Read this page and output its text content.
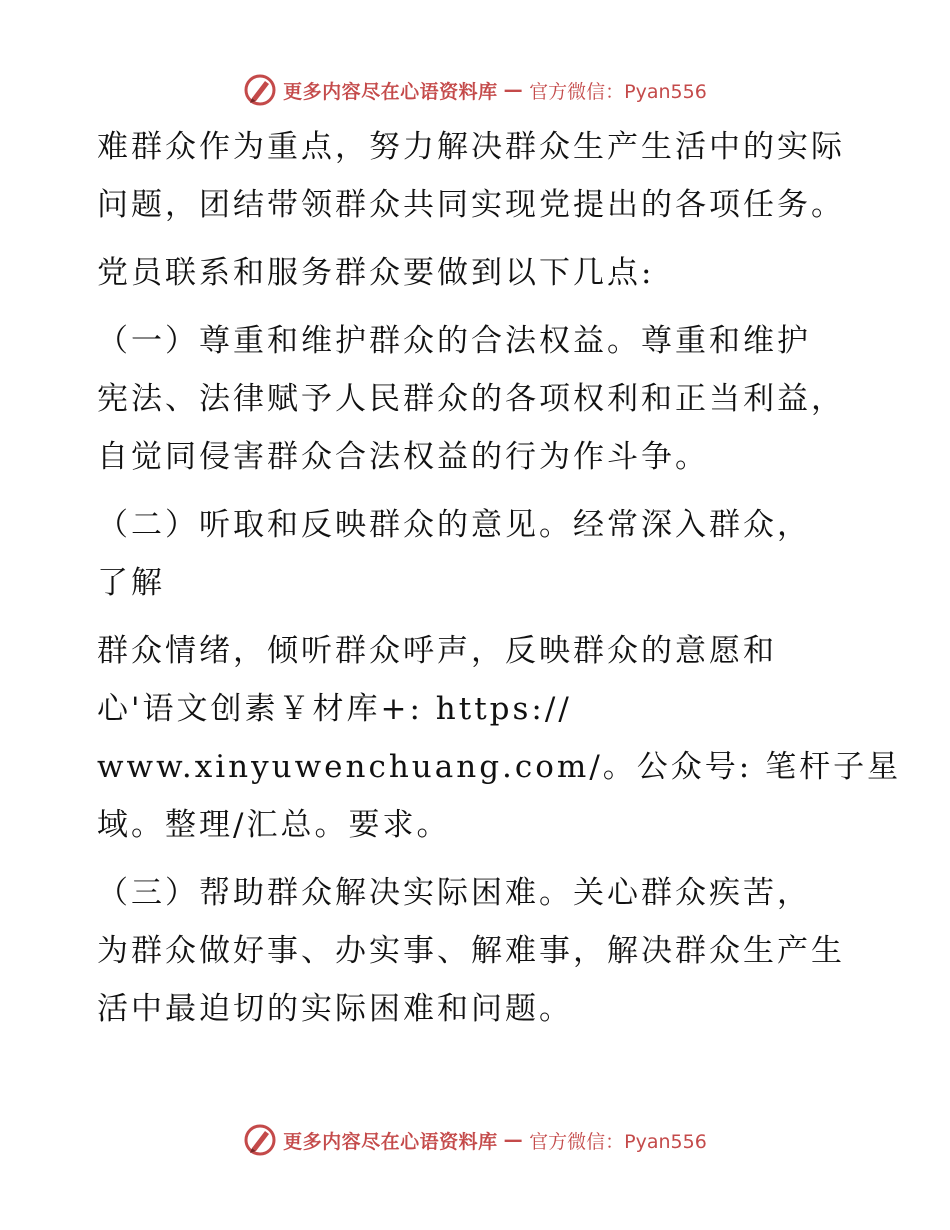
更多内容尽在心语资料库 — 官方微信：Pyan556
难群众作为重点，努力解决群众生产生活中的实际
问题，团结带领群众共同实现党提出的各项任务。
党员联系和服务群众要做到以下几点:
（一）尊重和维护群众的合法权益。尊重和维护
宪法、法律赋予人民群众的各项权利和正当利益，
自觉同侵害群众合法权益的行为作斗争。
（二）听取和反映群众的意见。经常深入群众，
了解
群众情绪，倾听群众呼声，反映群众的意愿和
心'语文创素￥材库+: https://
www.xinyuwenchuang.com/。公众号: 笔杆子星
域。整理/汇总。要求。
（三）帮助群众解决实际困难。关心群众疾苦，
为群众做好事、办实事、解难事，解决群众生产生
活中最迫切的实际困难和问题。
更多内容尽在心语资料库 — 官方微信：Pyan556
